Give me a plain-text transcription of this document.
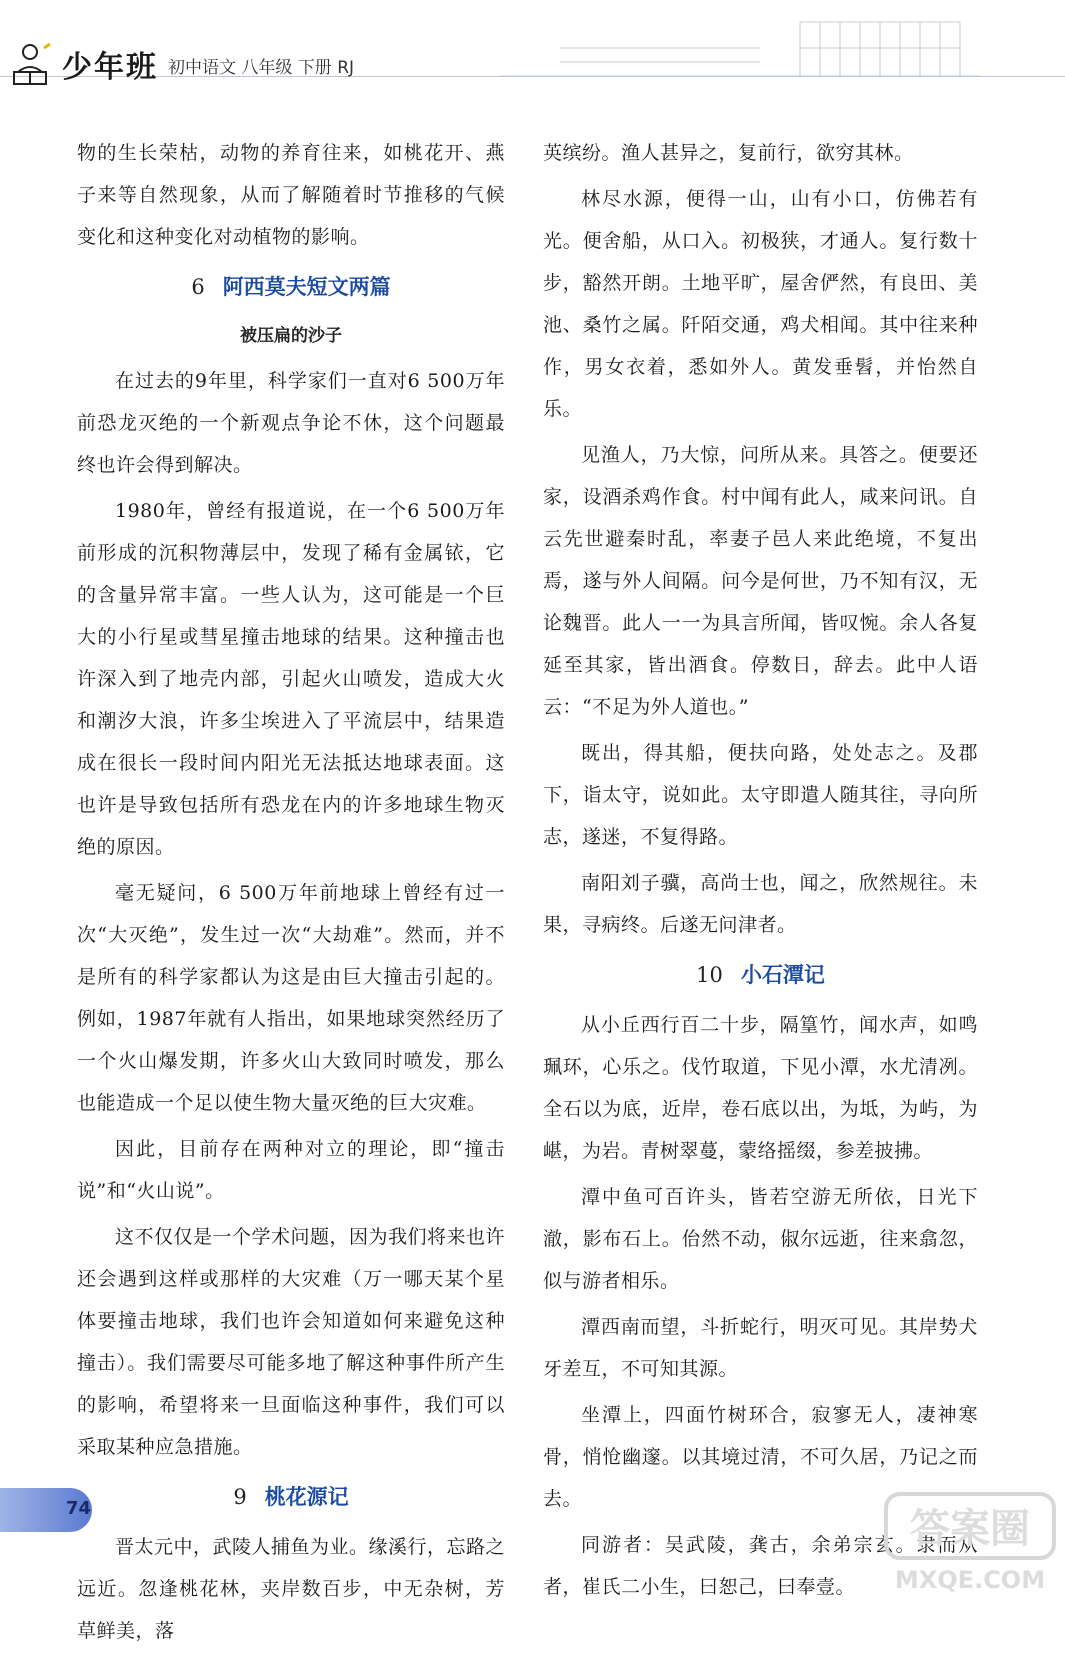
少年班 初中语文 八年级 下册 RJ

物的生长荣枯，动物的养育往来，如桃花开、燕子来等自然现象，从而了解随着时节推移的气候变化和这种变化对动植物的影响。

6 阿西莫夫短文两篇
被压扁的沙子

在过去的9年里，科学家们一直对6 500万年前恐龙灭绝的一个新观点争论不休，这个问题最终也许会得到解决。

1980年，曾经有报道说，在一个6 500万年前形成的沉积物薄层中，发现了稀有金属铱，它的含量异常丰富。一些人认为，这可能是一个巨大的小行星或彗星撞击地球的结果。这种撞击也许深入到了地壳内部，引起火山喷发，造成大火和潮汐大浪，许多尘埃进入了平流层中，结果造成在很长一段时间内阳光无法抵达地球表面。这也许是导致包括所有恐龙在内的许多地球生物灭绝的原因。

毫无疑问，6 500万年前地球上曾经有过一次“大灭绝”，发生过一次“大劫难”。然而，并不是所有的科学家都认为这是由巨大撞击引起的。例如，1987年就有人指出，如果地球突然经历了一个火山爆发期，许多火山大致同时喷发，那么也能造成一个足以使生物大量灭绝的巨大灾难。

因此，目前存在两种对立的理论，即“撞击说”和“火山说”。

这不仅仅是一个学术问题，因为我们将来也许还会遇到这样或那样的大灾难（万一哪天某个星体要撞击地球，我们也许会知道如何来避免这种撞击）。我们需要尽可能多地了解这种事件所产生的影响，希望将来一旦面临这种事件，我们可以采取某种应急措施。

9 桃花源记

晋太元中，武陵人捕鱼为业。缘溪行，忘路之远近。忽逢桃花林，夹岸数百步，中无杂树，芳草鲜美，落

英缤纷。渔人甚异之，复前行，欲穷其林。

林尽水源，便得一山，山有小口，仿佛若有光。便舍船，从口入。初极狭，才通人。复行数十步，豁然开朗。土地平旷，屋舍俨然，有良田、美池、桑竹之属。阡陌交通，鸡犬相闻。其中往来种作，男女衣着，悉如外人。黄发垂髫，并怡然自乐。

见渔人，乃大惊，问所从来。具答之。便要还家，设酒杀鸡作食。村中闻有此人，咸来问讯。自云先世避秦时乱，率妻子邑人来此绝境，不复出焉，遂与外人间隔。问今是何世，乃不知有汉，无论魏晋。此人一一为具言所闻，皆叹惋。余人各复延至其家，皆出酒食。停数日，辞去。此中人语云：“不足为外人道也。”

既出，得其船，便扶向路，处处志之。及郡下，诣太守，说如此。太守即遣人随其往，寻向所志，遂迷，不复得路。

南阳刘子骥，高尚士也，闻之，欣然规往。未果，寻病终。后遂无问津者。

10 小石潭记

从小丘西行百二十步，隔篁竹，闻水声，如鸣珮环，心乐之。伐竹取道，下见小潭，水尤清冽。全石以为底，近岸，卷石底以出，为坻，为屿，为嵁，为岩。青树翠蔓，蒙络摇缀，参差披拂。

潭中鱼可百许头，皆若空游无所依，日光下澈，影布石上。佁然不动，俶尔远逝，往来翕忽，似与游者相乐。

潭西南而望，斗折蛇行，明灭可见。其岸势犬牙差互，不可知其源。

坐潭上，四面竹树环合，寂寥无人，凄神寒骨，悄怆幽邃。以其境过清，不可久居，乃记之而去。

同游者：吴武陵，龚古，余弟宗玄。隶而从者，崔氏二小生，曰恕己，曰奉壹。

74	答案圈
MXQE.COM
